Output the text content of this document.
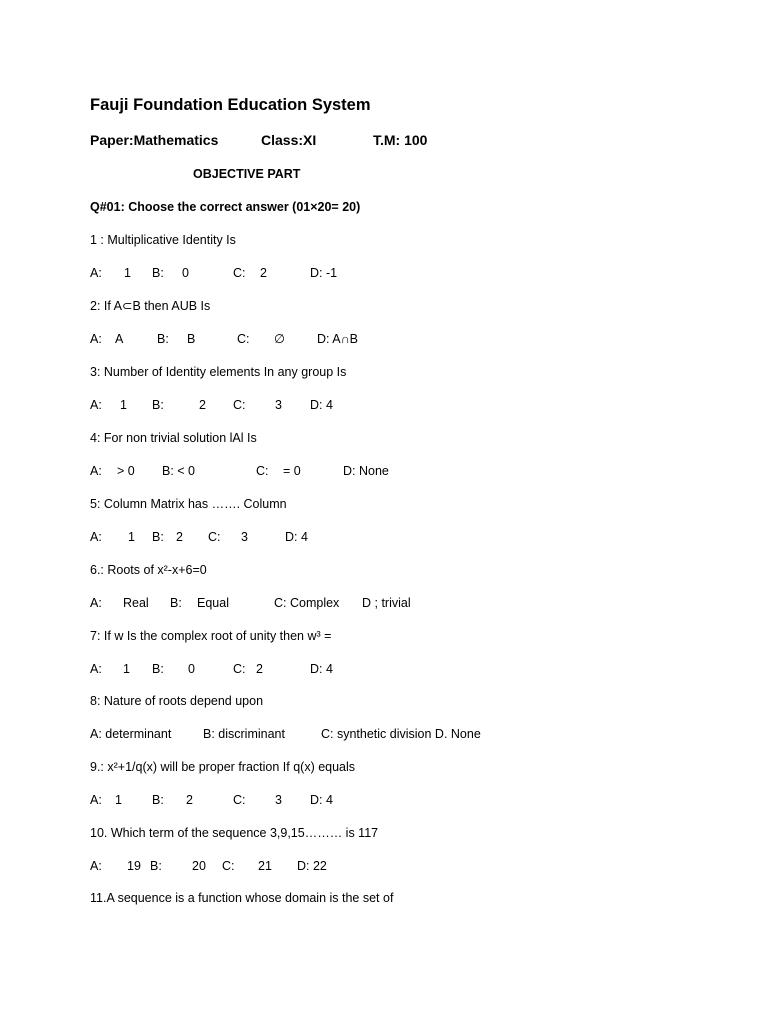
Fauji Foundation Education System
Paper:Mathematics	Class:XI	T.M: 100
OBJECTIVE PART
Q#01: Choose the correct answer (01×20= 20)
1 : Multiplicative Identity Is
A: 1 B: 0	C: 2	D: -1
2: If A⊂B then AUB Is
A: A	B: B	C: ∅	D: A∩B
3: Number of Identity elements In any group Is
A: 1 B:	2 C: 3 D: 4
4: For non trivial solution lAl Is
A: > 0 B: < 0	C: = 0	D: None
5: Column Matrix has ……. Column
A: 1 B: 2 C: 3	D: 4
6.: Roots of x²-x+6=0
A: Real B: Equal	C: Complex D ; trivial
7: If w Is the complex root of unity then w³ =
A: 1 B: 0	C: 2	D: 4
8: Nature of roots depend upon
A: determinant	B: discriminant	C: synthetic division D. None
9.: x²+1/q(x) will be proper fraction If q(x) equals
A: 1 B: 2	C: 3 D: 4
10. Which term of the sequence 3,9,15……… is 117
A: 19 B: 20 C: 21 D: 22
11.A sequence is a function whose domain is the set of
